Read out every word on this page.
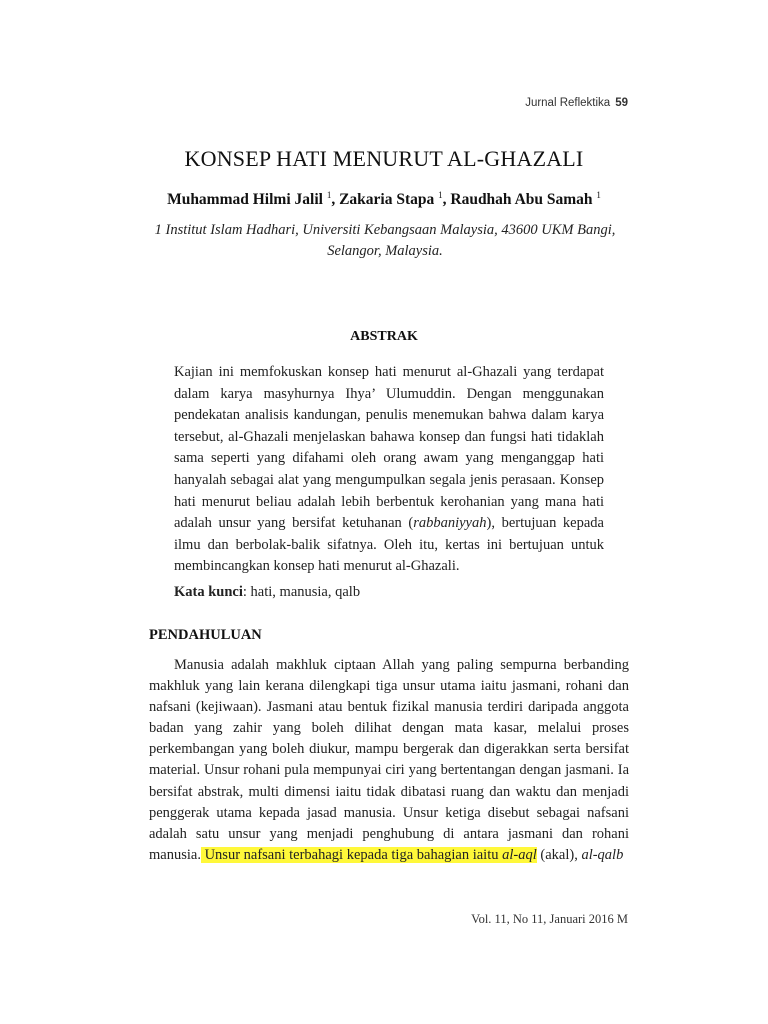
Jurnal Reflektika 59
KONSEP HATI MENURUT AL-GHAZALI
Muhammad Hilmi Jalil $^1$, Zakaria Stapa $^1$, Raudhah Abu Samah $^1$
1 Institut Islam Hadhari, Universiti Kebangsaan Malaysia, 43600 UKM Bangi, Selangor, Malaysia.
ABSTRAK
Kajian ini memfokuskan konsep hati menurut al-Ghazali yang terdapat dalam karya masyhurnya Ihya’ Ulumuddin. Dengan menggunakan pendekatan analisis kandungan, penulis menemukan bahwa dalam karya tersebut, al-Ghazali menjelaskan bahawa konsep dan fungsi hati tidaklah sama seperti yang difahami oleh orang awam yang menganggap hati hanyalah sebagai alat yang mengumpulkan segala jenis perasaan. Konsep hati menurut beliau adalah lebih berbentuk kerohanian yang mana hati adalah unsur yang bersifat ketuhanan (rabbaniyyah), bertujuan kepada ilmu dan berbolak-balik sifatnya. Oleh itu, kertas ini bertujuan untuk membincangkan konsep hati menurut al-Ghazali.
Kata kunci: hati, manusia, qalb
PENDAHULUAN

Manusia adalah makhluk ciptaan Allah yang paling sempurna berbanding makhluk yang lain kerana dilengkapi tiga unsur utama iaitu jasmani, rohani dan nafsani (kejiwaan). Jasmani atau bentuk fizikal manusia terdiri daripada anggota badan yang zahir yang boleh dilihat dengan mata kasar, melalui proses perkembangan yang boleh diukur, mampu bergerak dan digerakkan serta bersifat material. Unsur rohani pula mempunyai ciri yang bertentangan dengan jasmani. Ia bersifat abstrak, multi dimensi iaitu tidak dibatasi ruang dan waktu dan menjadi penggerak utama kepada jasad manusia. Unsur ketiga disebut sebagai nafsani adalah satu unsur yang menjadi penghubung di antara jasmani dan rohani manusia. Unsur nafsani terbahagi kepada tiga bahagian iaitu al-aql (akal), al-qalb

Vol. 11, No 11, Januari 2016 M
